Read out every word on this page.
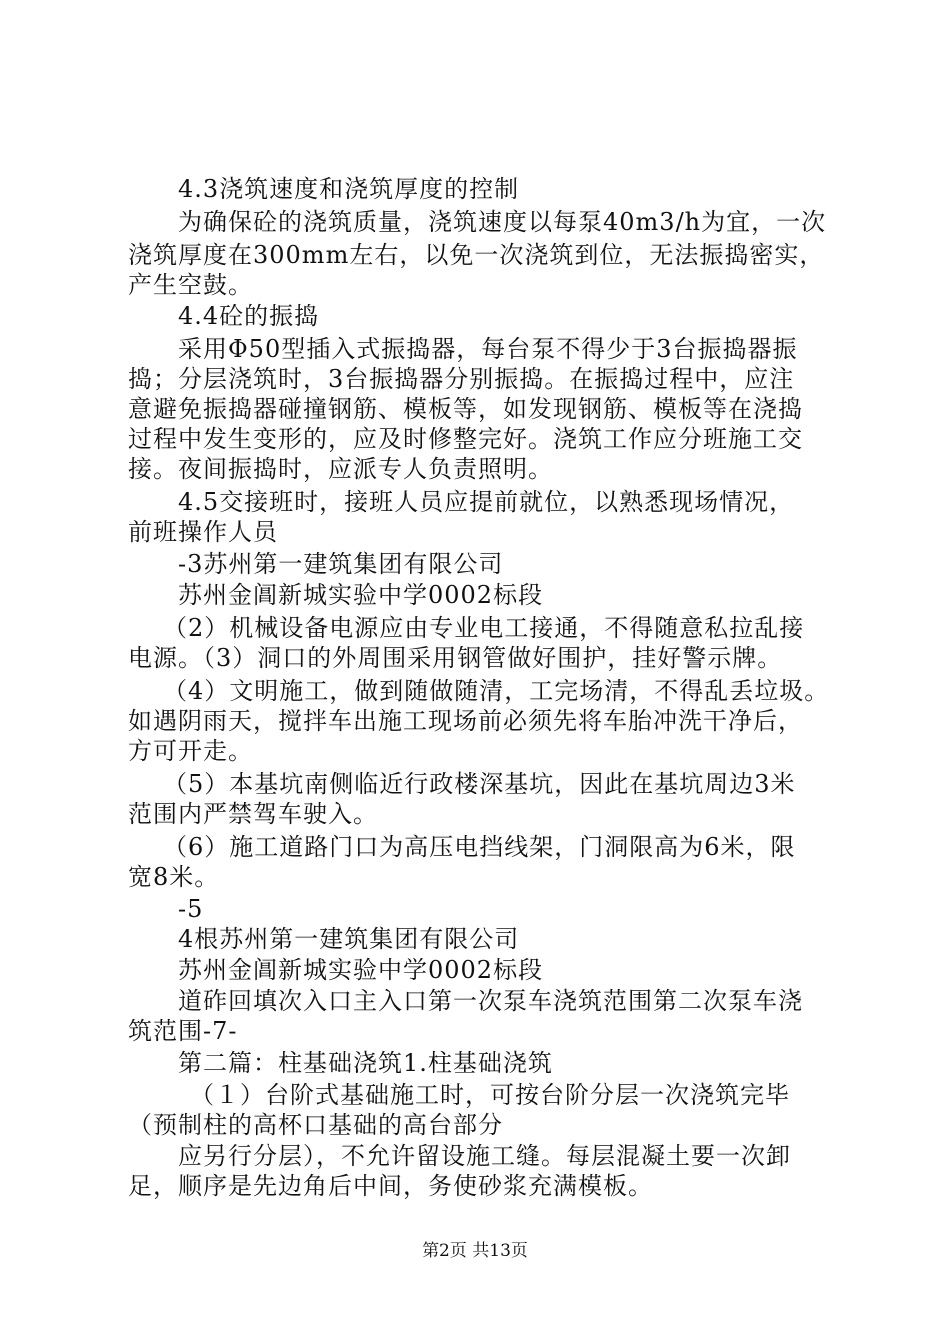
4.3浇筑速度和浇筑厚度的控制
为确保砼的浇筑质量，浇筑速度以每泵40m3/h为宜，一次
浇筑厚度在300mm左右，以免一次浇筑到位，无法振捣密实，
产生空鼓。
4.4砼的振捣
采用Φ50型插入式振捣器，每台泵不得少于3台振捣器振
捣；分层浇筑时，3台振捣器分别振捣。在振捣过程中，应注
意避免振捣器碰撞钢筋、模板等，如发现钢筋、模板等在浇捣
过程中发生变形的，应及时修整完好。浇筑工作应分班施工交
接。夜间振捣时，应派专人负责照明。
4.5交接班时，接班人员应提前就位，以熟悉现场情况，
前班操作人员
-3苏州第一建筑集团有限公司
苏州金阊新城实验中学0002标段
（2）机械设备电源应由专业电工接通，不得随意私拉乱接
电源。（3）洞口的外周围采用钢管做好围护，挂好警示牌。
（4）文明施工，做到随做随清，工完场清，不得乱丢垃圾。
如遇阴雨天，搅拌车出施工现场前必须先将车胎冲洗干净后，
方可开走。
（5）本基坑南侧临近行政楼深基坑，因此在基坑周边3米
范围内严禁驾车驶入。
（6）施工道路门口为高压电挡线架，门洞限高为6米，限
宽8米。
-5
4根苏州第一建筑集团有限公司
苏州金阊新城实验中学0002标段
道砟回填次入口主入口第一次泵车浇筑范围第二次泵车浇
筑范围-7-
第二篇：柱基础浇筑1.柱基础浇筑
（１）台阶式基础施工时，可按台阶分层一次浇筑完毕
（预制柱的高杯口基础的高台部分
应另行分层），不允许留设施工缝。每层混凝土要一次卸
足，顺序是先边角后中间，务使砂浆充满模板。
第2页 共13页
